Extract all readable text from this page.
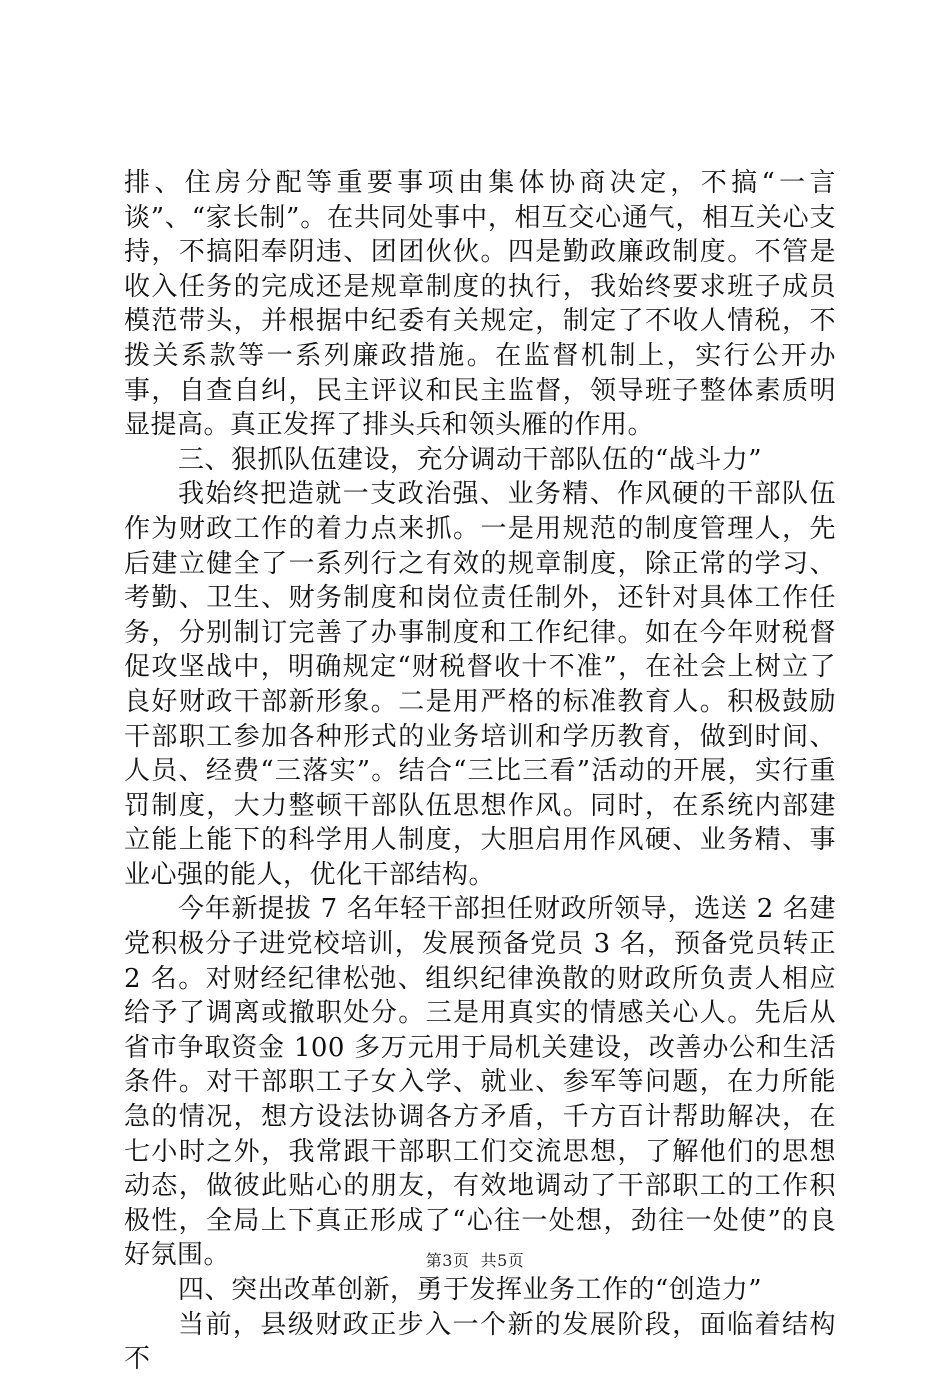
排、住房分配等重要事项由集体协商决定，不搞“一言谈”、“家长制”。在共同处事中，相互交心通气，相互关心支持，不搞阳奉阴违、团团伙伙。四是勤政廉政制度。不管是收入任务的完成还是规章制度的执行，我始终要求班子成员模范带头，并根据中纪委有关规定，制定了不收人情税，不拨关系款等一系列廉政措施。在监督机制上，实行公开办事，自查自纠，民主评议和民主监督，领导班子整体素质明显提高。真正发挥了排头兵和领头雁的作用。

三、狠抓队伍建设，充分调动干部队伍的“战斗力”

我始终把造就一支政治强、业务精、作风硬的干部队伍作为财政工作的着力点来抓。一是用规范的制度管理人，先后建立健全了一系列行之有效的规章制度，除正常的学习、考勤、卫生、财务制度和岗位责任制外，还针对具体工作任务，分别制订完善了办事制度和工作纪律。如在今年财税督促攻坚战中，明确规定“财税督收十不准”，在社会上树立了良好财政干部新形象。二是用严格的标准教育人。积极鼓励干部职工参加各种形式的业务培训和学历教育，做到时间、人员、经费“三落实”。结合“三比三看”活动的开展，实行重罚制度，大力整顿干部队伍思想作风。同时，在系统内部建立能上能下的科学用人制度，大胆启用作风硬、业务精、事业心强的能人，优化干部结构。

今年新提拔 7 名年轻干部担任财政所领导，选送 2 名建党积极分子进党校培训，发展预备党员 3 名，预备党员转正 2 名。对财经纪律松弛、组织纪律涣散的财政所负责人相应给予了调离或撤职处分。三是用真实的情感关心人。先后从省市争取资金 100 多万元用于局机关建设，改善办公和生活条件。对干部职工子女入学、就业、参军等问题，在力所能急的情况，想方设法协调各方矛盾，千方百计帮助解决，在七小时之外，我常跟干部职工们交流思想，了解他们的思想动态，做彼此贴心的朋友，有效地调动了干部职工的工作积极性，全局上下真正形成了“心往一处想，劲往一处使”的良好氛围。

四、突出改革创新，勇于发挥业务工作的“创造力”

当前，县级财政正步入一个新的发展阶段，面临着结构不

第3页  共5页
